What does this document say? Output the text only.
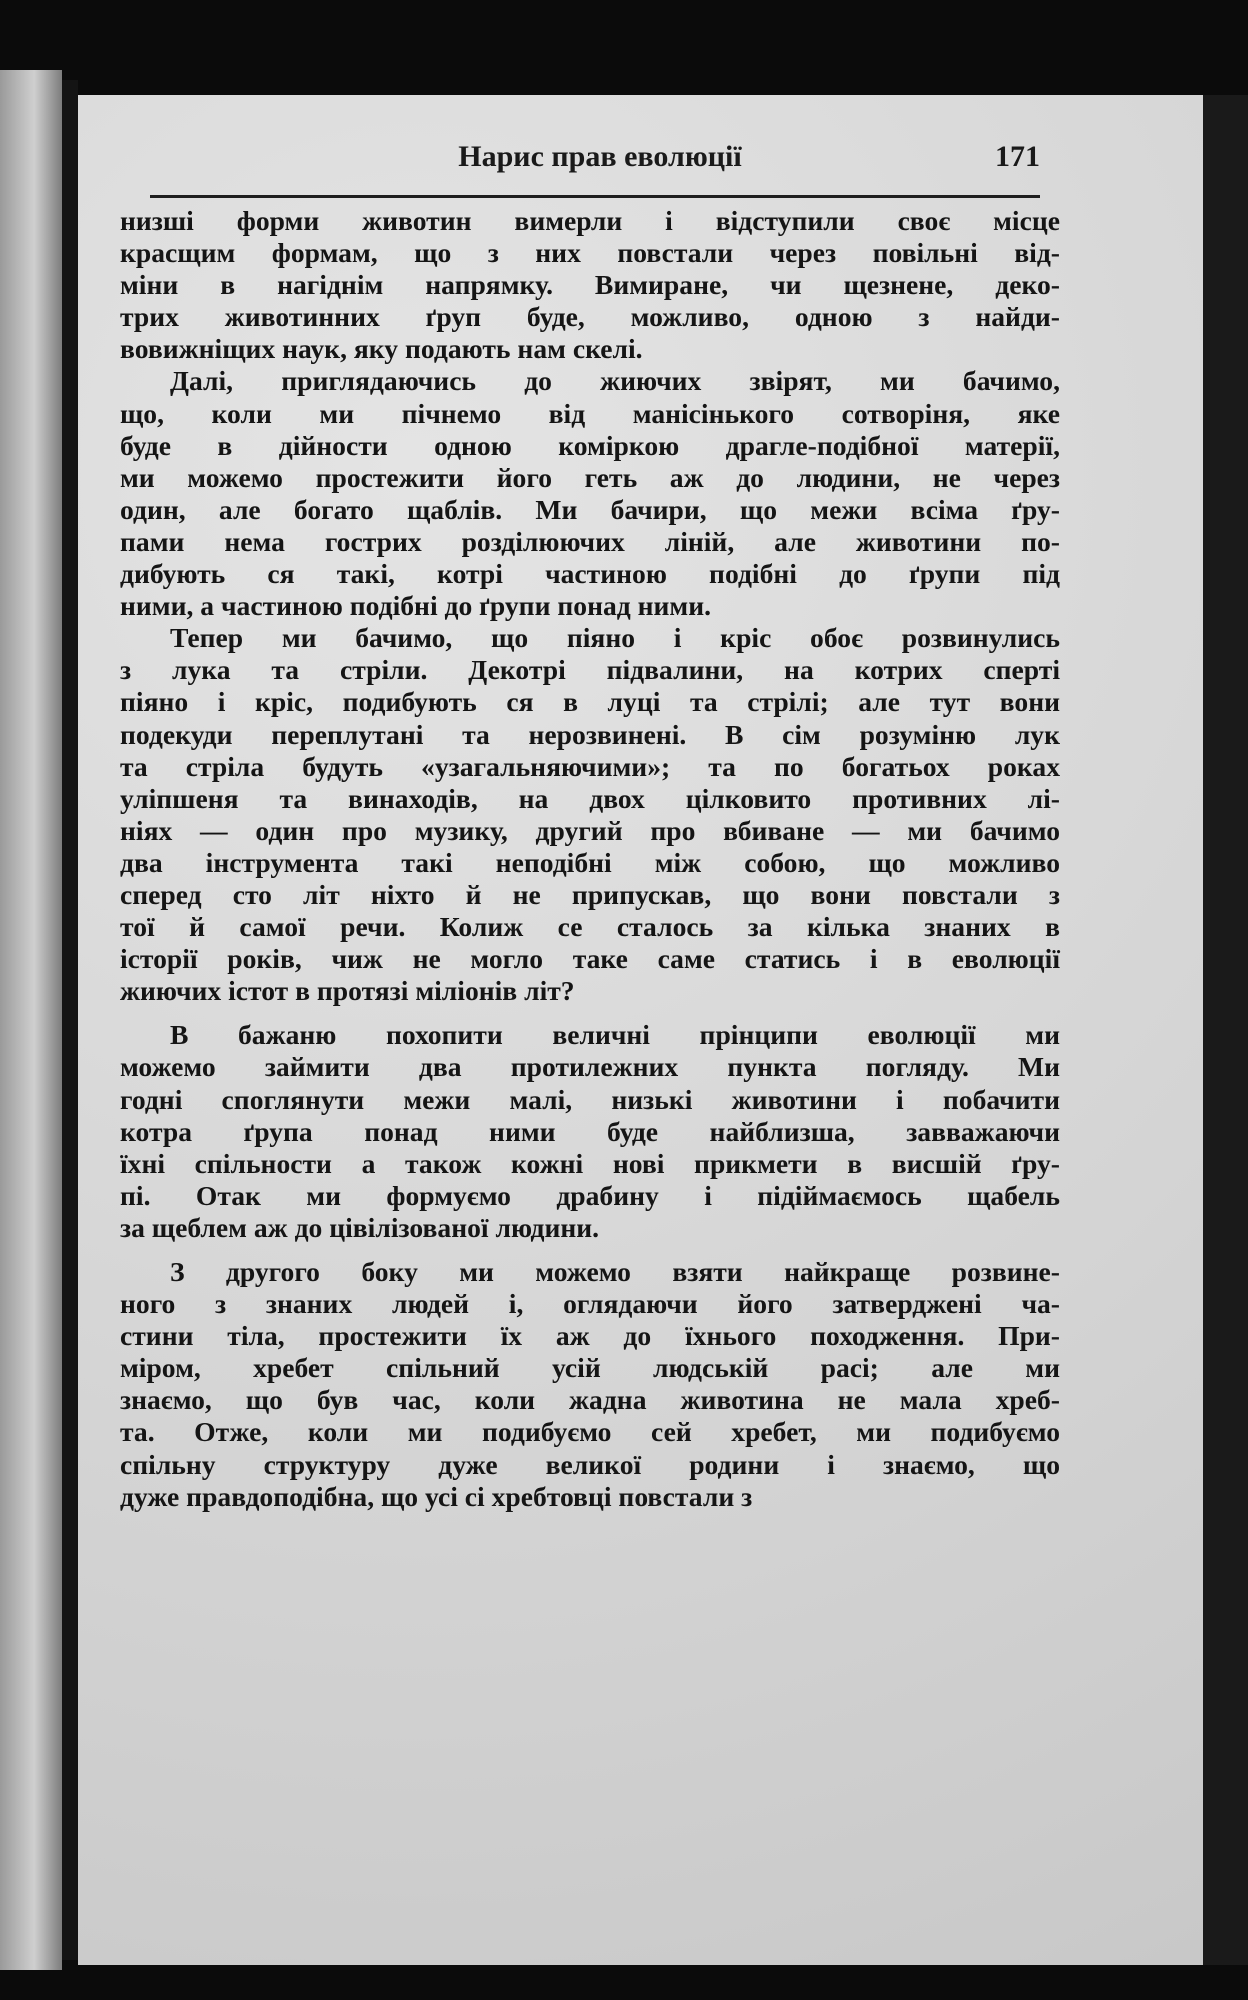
Нарис прав еволюції	171
низші форми животин вимерли і відступили своє місце
красщим формам, що з них повстали через повільні від-
міни в нагіднім напрямку. Вимиране, чи щезнене, деко-
трих животинних ґруп буде, можливо, одною з найди-
вовижніщих наук, яку подають нам скелі.
Далі, приглядаючись до жиючих звірят, ми бачимо,
що, коли ми пічнемо від манісінького сотворіня, яке
буде в дійности одною коміркою драгле-подібної матерії,
ми можемо простежити його геть аж до людини, не через
один, але богато щаблів. Ми бачири, що межи всіма ґру-
пами нема гострих розділюючих ліній, але животини по-
дибують ся такі, котрі частиною подібні до ґрупи під
ними, а частиною подібні до ґрупи понад ними.
Тепер ми бачимо, що піяно і кріс обоє розвинулись
з лука та стріли. Декотрі підвалини, на котрих сперті
піяно і кріс, подибують ся в луці та стрілі; але тут вони
подекуди переплутані та нерозвинені. В сім розуміню лук
та стріла будуть «узагальняючими»; та по богатьох роках
уліпшеня та винаходів, на двох цілковито противних лі-
ніях — один про музику, другий про вбиване — ми бачимо
два інструмента такі неподібні між собою, що можливо
сперед сто літ ніхто й не припускав, що вони повстали з
тої й самої речи. Колиж се сталось за кілька знаних в
історії років, чиж не могло таке саме статись і в еволюції
жиючих істот в протязі міліонів літ?
В бажаню похопити величні прінципи еволюції ми
можемо займити два протилежних пункта погляду. Ми
годні споглянути межи малі, низькі животини і побачити
котра ґрупа понад ними буде найблизша, завважаючи
їхні спільности а також кожні нові прикмети в висшій ґру-
пі. Отак ми формуємо драбину і підіймаємось щабель
за щеблем аж до цівілізованої людини.
З другого боку ми можемо взяти найкраще розвине-
ного з знаних людей і, оглядаючи його затверджені ча-
стини тіла, простежити їх аж до їхнього походження. При-
міром, хребет спільний усій людській расі; але ми
знаємо, що був час, коли жадна животина не мала хреб-
та. Отже, коли ми подибуємо сей хребет, ми подибуємо
спільну структуру дуже великої родини і знаємо, що
дуже правдоподібна, що усі сі хребтовці повстали з
